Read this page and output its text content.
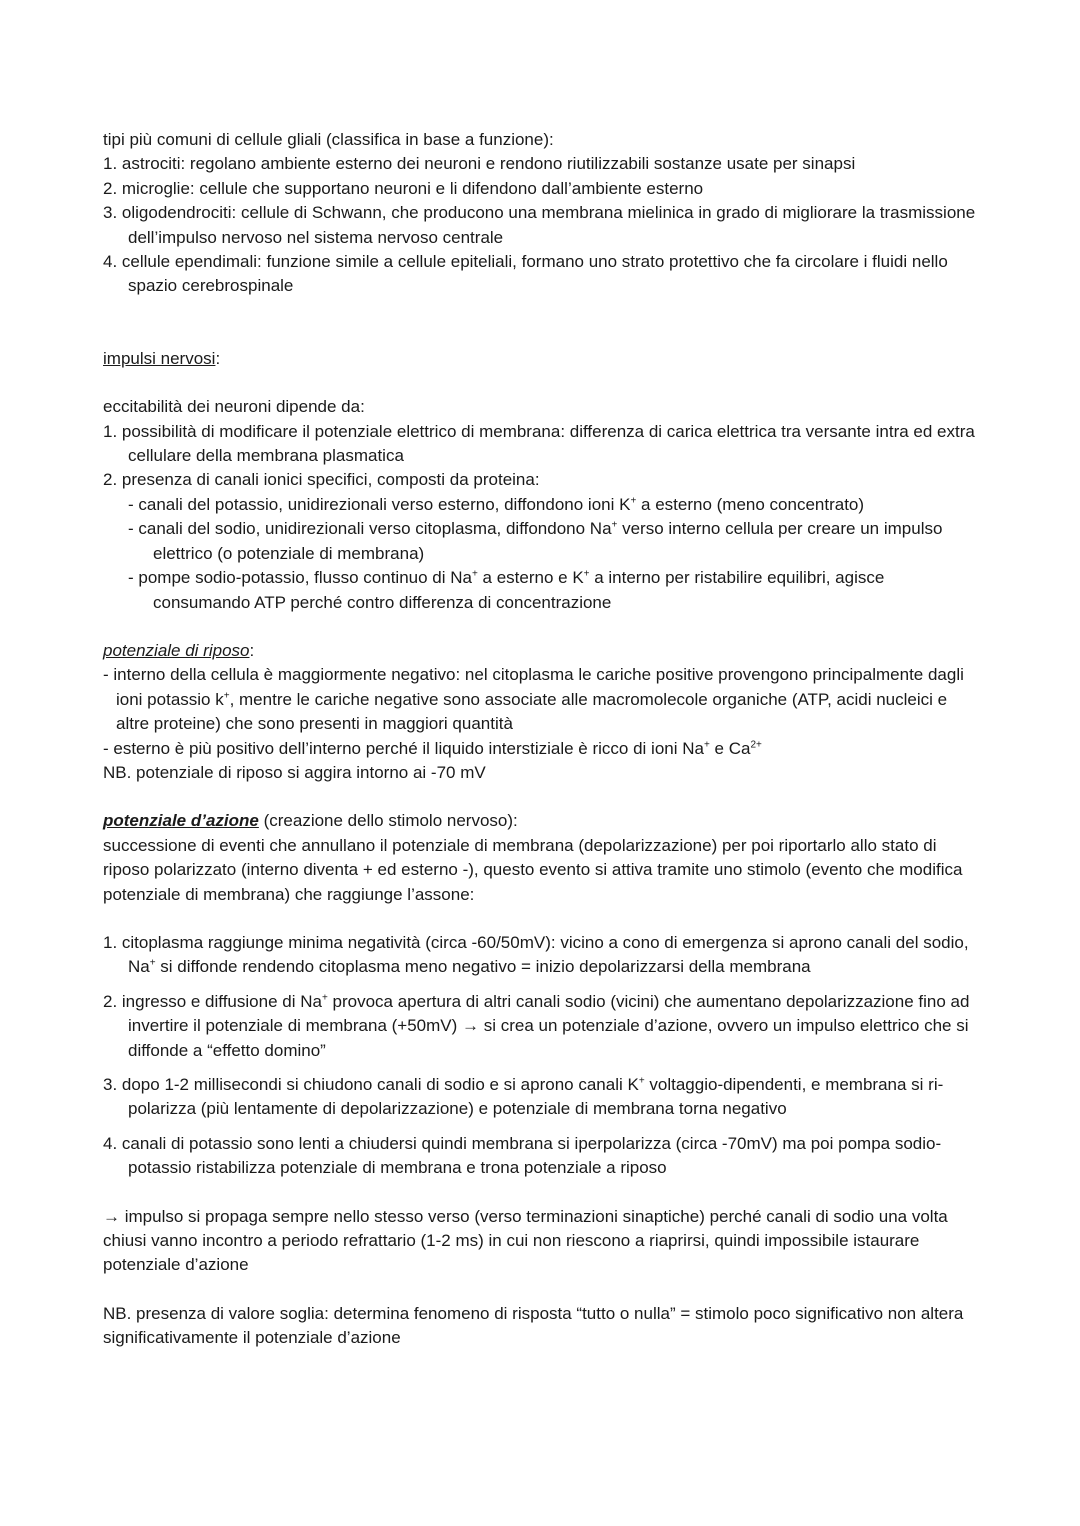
tipi più comuni di cellule gliali (classifica in base a funzione):

1. astrociti: regolano ambiente esterno dei neuroni e rendono riutilizzabili sostanze usate per sinapsi

2. microglie: cellule che supportano neuroni e li difendono dall’ambiente esterno

3. oligodendrociti: cellule di Schwann, che producono una membrana mielinica in grado di migliorare la trasmissione dell’impulso nervoso nel sistema nervoso centrale

4. cellule ependimali: funzione simile a cellule epiteliali, formano uno strato protettivo che fa circolare i fluidi nello spazio cerebrospinale

impulsi nervosi:

eccitabilità dei neuroni dipende da:

1. possibilità di modificare il potenziale elettrico di membrana: differenza di carica elettrica tra versante intra ed extra cellulare della membrana plasmatica

2. presenza di canali ionici specifici, composti da proteina:

- canali del potassio, unidirezionali verso esterno, diffondono ioni K+ a esterno (meno concentrato)

- canali del sodio, unidirezionali verso citoplasma, diffondono Na+ verso interno cellula per creare un impulso elettrico (o potenziale di membrana)

- pompe sodio-potassio, flusso continuo di Na+ a esterno e K+ a interno per ristabilire equilibri, agisce consumando ATP perché contro differenza di concentrazione

potenziale di riposo:

- interno della cellula è maggiormente negativo: nel citoplasma le cariche positive provengono principalmente dagli ioni potassio k+, mentre le cariche negative sono associate alle macromolecole organiche (ATP, acidi nucleici e altre proteine) che sono presenti in maggiori quantità

- esterno è più positivo dell’interno perché il liquido interstiziale è ricco di ioni Na+ e $Ca^{2+}$

NB. potenziale di riposo si aggira intorno ai -70 mV

potenziale d’azione (creazione dello stimolo nervoso):

successione di eventi che annullano il potenziale di membrana (depolarizzazione) per poi riportarlo allo stato di riposo polarizzato (interno diventa + ed esterno -), questo evento si attiva tramite uno stimolo (evento che modifica potenziale di membrana) che raggiunge l’assone:

1. citoplasma raggiunge minima negatività (circa -60/50mV): vicino a cono di emergenza si aprono canali del sodio, Na+ si diffonde rendendo citoplasma meno negativo = inizio depolarizzarsi della membrana

2. ingresso e diffusione di Na+ provoca apertura di altri canali sodio (vicini) che aumentano depolarizzazione fino ad invertire il potenziale di membrana (+50mV) → si crea un potenziale d’azione, ovvero un impulso elettrico che si diffonde a “effetto domino”

3. dopo 1-2 millisecondi si chiudono canali di sodio e si aprono canali K+ voltaggio-dipendenti, e membrana si ri-polarizza (più lentamente di depolarizzazione) e potenziale di membrana torna negativo

4. canali di potassio sono lenti a chiudersi quindi membrana si iperpolarizza (circa -70mV) ma poi pompa sodio-potassio ristabilizza potenziale di membrana e trona potenziale a riposo

→ impulso si propaga sempre nello stesso verso (verso terminazioni sinaptiche) perché canali di sodio una volta chiusi vanno incontro a periodo refrattario (1-2 ms) in cui non riescono a riaprirsi, quindi impossibile istaurare potenziale d’azione

NB. presenza di valore soglia: determina fenomeno di risposta “tutto o nulla” = stimolo poco significativo non altera significativamente il potenziale d’azione
